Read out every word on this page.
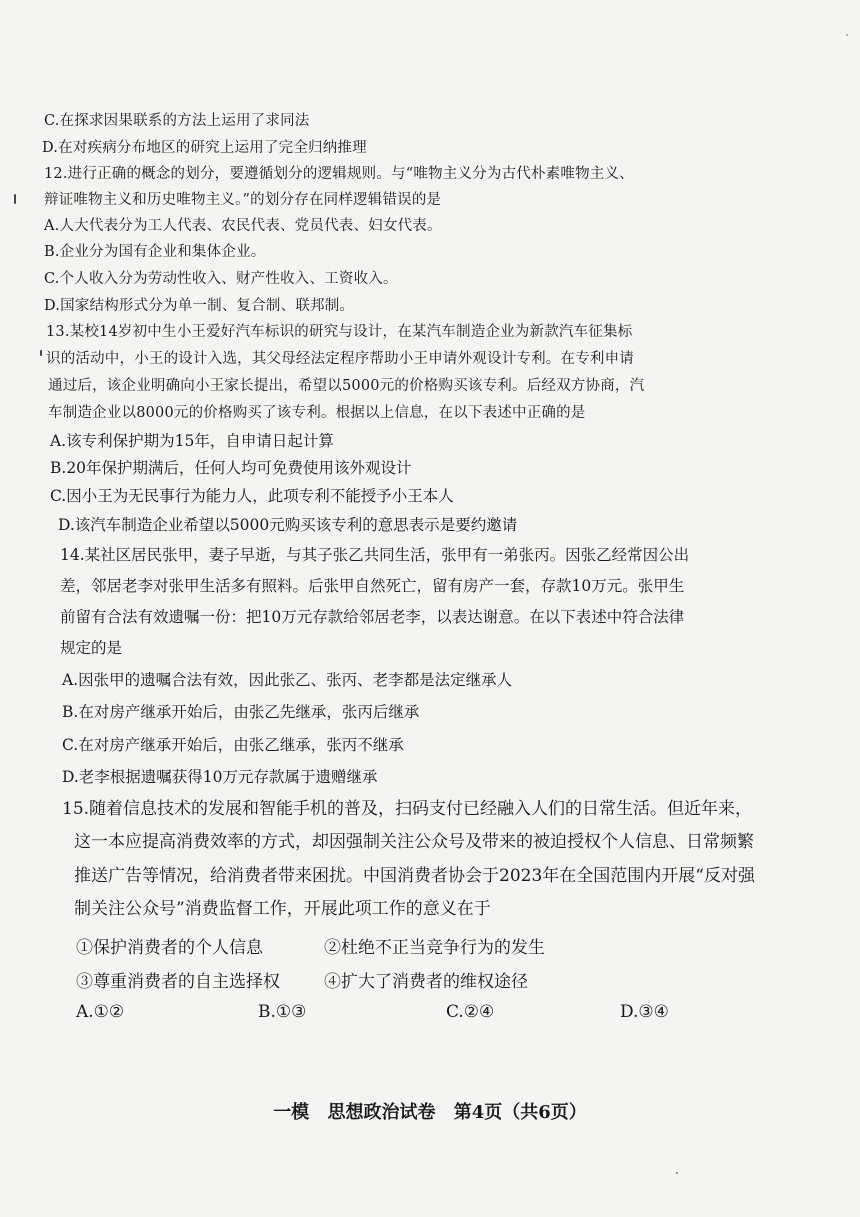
C.在探求因果联系的方法上运用了求同法
D.在对疾病分布地区的研究上运用了完全归纳推理
12.进行正确的概念的划分，要遵循划分的逻辑规则。与“唯物主义分为古代朴素唯物主义、
辩证唯物主义和历史唯物主义。”的划分存在同样逻辑错误的是
A.人大代表分为工人代表、农民代表、党员代表、妇女代表。
B.企业分为国有企业和集体企业。
C.个人收入分为劳动性收入、财产性收入、工资收入。
D.国家结构形式分为单一制、复合制、联邦制。
13.某校14岁初中生小王爱好汽车标识的研究与设计，在某汽车制造企业为新款汽车征集标
识的活动中，小王的设计入选，其父母经法定程序帮助小王申请外观设计专利。在专利申请
通过后，该企业明确向小王家长提出，希望以5000元的价格购买该专利。后经双方协商，汽
车制造企业以8000元的价格购买了该专利。根据以上信息，在以下表述中正确的是
A.该专利保护期为15年，自申请日起计算
B.20年保护期满后，任何人均可免费使用该外观设计
C.因小王为无民事行为能力人，此项专利不能授予小王本人
D.该汽车制造企业希望以5000元购买该专利的意思表示是要约邀请
14.某社区居民张甲，妻子早逝，与其子张乙共同生活，张甲有一弟张丙。因张乙经常因公出
差，邻居老李对张甲生活多有照料。后张甲自然死亡，留有房产一套，存款10万元。张甲生
前留有合法有效遗嘱一份：把10万元存款给邻居老李，以表达谢意。在以下表述中符合法律
规定的是
A.因张甲的遗嘱合法有效，因此张乙、张丙、老李都是法定继承人
B.在对房产继承开始后，由张乙先继承，张丙后继承
C.在对房产继承开始后，由张乙继承，张丙不继承
D.老李根据遗嘱获得10万元存款属于遗赠继承
15.随着信息技术的发展和智能手机的普及，扫码支付已经融入人们的日常生活。但近年来，
这一本应提高消费效率的方式，却因强制关注公众号及带来的被迫授权个人信息、日常频繁
推送广告等情况，给消费者带来困扰。中国消费者协会于2023年在全国范围内开展“反对强
制关注公众号”消费监督工作，开展此项工作的意义在于
①保护消费者的个人信息	②杜绝不正当竞争行为的发生
③尊重消费者的自主选择权	④扩大了消费者的维权途径
A.①②	B.①③	C.②④	D.③④
一模 思想政治试卷 第4页（共6页）
